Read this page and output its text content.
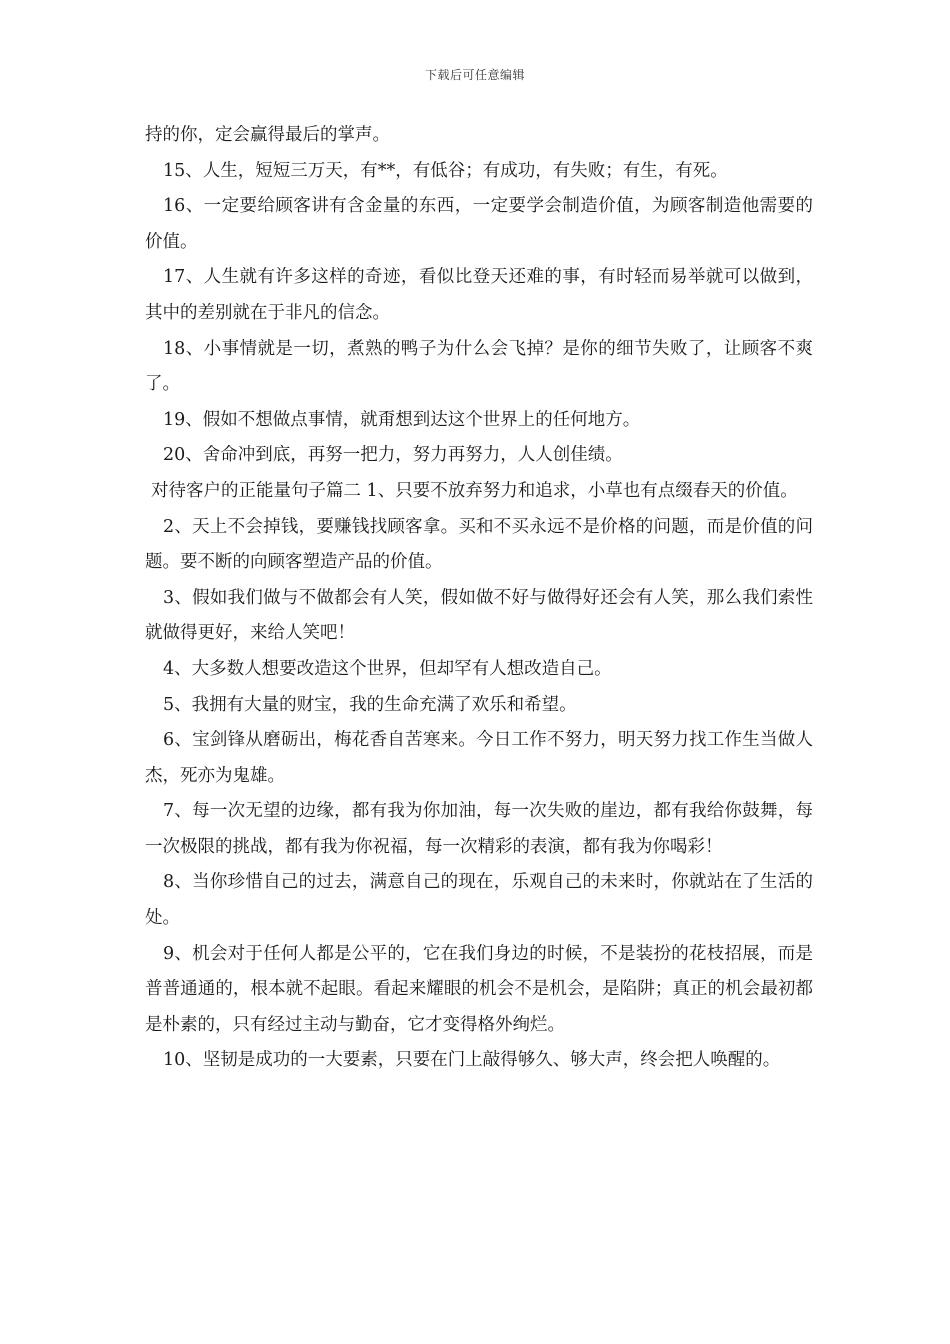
下载后可任意编辑

持的你，定会赢得最后的掌声。

15、人生，短短三万天，有**，有低谷；有成功，有失败；有生，有死。

16、一定要给顾客讲有含金量的东西，一定要学会制造价值，为顾客制造他需要的价值。

17、人生就有许多这样的奇迹，看似比登天还难的事，有时轻而易举就可以做到，其中的差别就在于非凡的信念。

18、小事情就是一切，煮熟的鸭子为什么会飞掉？是你的细节失败了，让顾客不爽了。

19、假如不想做点事情，就甭想到达这个世界上的任何地方。

20、舍命冲到底，再努一把力，努力再努力，人人创佳绩。

对待客户的正能量句子篇二 1、只要不放弃努力和追求，小草也有点缀春天的价值。

2、天上不会掉钱，要赚钱找顾客拿。买和不买永远不是价格的问题，而是价值的问题。要不断的向顾客塑造产品的价值。

3、假如我们做与不做都会有人笑，假如做不好与做得好还会有人笑，那么我们索性就做得更好，来给人笑吧！

4、大多数人想要改造这个世界，但却罕有人想改造自己。

5、我拥有大量的财宝，我的生命充满了欢乐和希望。

6、宝剑锋从磨砺出，梅花香自苦寒来。今日工作不努力，明天努力找工作生当做人杰，死亦为鬼雄。

7、每一次无望的边缘，都有我为你加油，每一次失败的崖边，都有我给你鼓舞，每一次极限的挑战，都有我为你祝福，每一次精彩的表演，都有我为你喝彩！

8、当你珍惜自己的过去，满意自己的现在，乐观自己的未来时，你就站在了生活的处。

9、机会对于任何人都是公平的，它在我们身边的时候，不是装扮的花枝招展，而是普普通通的，根本就不起眼。看起来耀眼的机会不是机会，是陷阱；真正的机会最初都是朴素的，只有经过主动与勤奋，它才变得格外绚烂。

10、坚韧是成功的一大要素，只要在门上敲得够久、够大声，终会把人唤醒的。
